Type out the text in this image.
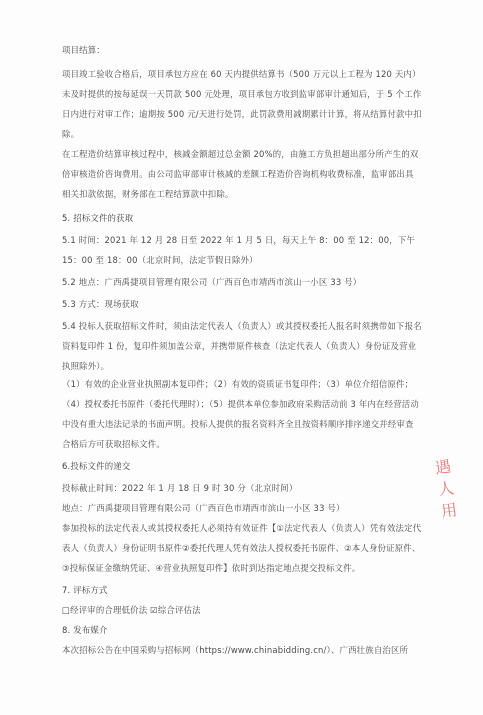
项目结算：

项目竣工验收合格后，项目承包方应在 60 天内提供结算书（500 万元以上工程为 120 天内）未及时提供的按每延误一天罚款 500 元处理，项目承包方收到监审部审计通知后，于 5 个工作日内进行对审工作；逾期按 500 元/天进行处罚，此罚款费用减期累计计算，将从结算付款中扣除。

在工程造价结算审核过程中，核减金额超过总金额 20%的，由施工方负担超出部分所产生的双倍审核造价咨询费用。由公司监审部审计核减的差额工程造价咨询机构收费标准，监审部出具相关扣款依据，财务部在工程结算款中扣除。

5. 招标文件的获取

5.1 时间：2021 年 12 月 28 日至 2022 年 1 月 5 日，每天上午 8：00 至 12：00，下午 15：00 至 18：00（北京时间，法定节假日除外）

5.2 地点：广西禹捷项目管理有限公司（广西百色市靖西市滨山一小区 33 号）

5.3 方式：现场获取

5.4 投标人获取招标文件时，须由法定代表人（负责人）或其授权委托人报名时须携带如下报名资料复印件 1 份，复印件须加盖公章，并携带原件核查（法定代表人（负责人）身份证及营业执照除外）。

（1）有效的企业营业执照副本复印件；（2）有效的资质证书复印件；（3）单位介绍信原件；（4）授权委托书原件（委托代理时）；（5）提供本单位参加政府采购活动前 3 年内在经营活动中没有重大违法记录的书面声明。投标人提供的报名资料齐全且按资料顺序排序递交并经审查合格后方可获取招标文件。

6.投标文件的递交

投标截止时间：2022 年 1 月 18 日 9 时 30 分（北京时间）

地点：广西禹捷项目管理有限公司（广西百色市靖西市滨山一小区 33 号）

参加投标的法定代表人或其授权委托人必须持有效证件【①法定代表人（负责人）凭有效法定代表人（负责人）身份证明书原件②委托代理人凭有效法人授权委托书原件、②本人身份证原件、③投标保证金缴纳凭证、④营业执照复印件】依时到达指定地点提交投标文件。

7. 评标方式

□经评审的合理低价法 ☑综合评估法

8. 发布媒介

本次招标公告在中国采购与招标网（https://www.chinabidding.cn/）、广西壮族自治区所

遇
人
用
